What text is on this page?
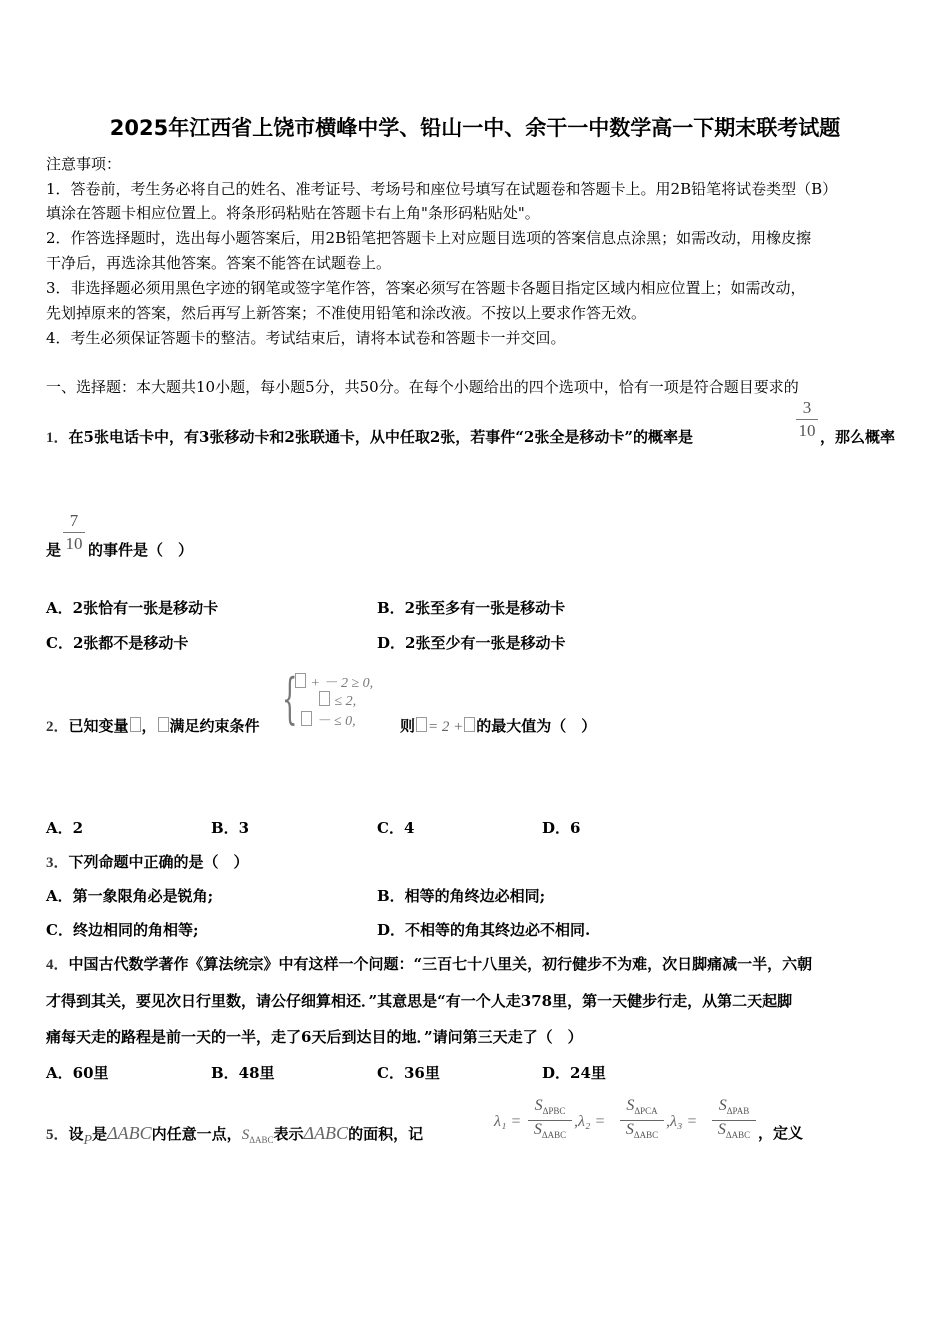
2025年江西省上饶市横峰中学、铅山一中、余干一中数学高一下期末联考试题
注意事项：
1．答卷前，考生务必将自己的姓名、准考证号、考场号和座位号填写在试题卷和答题卡上。用2B铅笔将试卷类型（B）
填涂在答题卡相应位置上。将条形码粘贴在答题卡右上角"条形码粘贴处"。
2．作答选择题时，选出每小题答案后，用2B铅笔把答题卡上对应题目选项的答案信息点涂黑；如需改动，用橡皮擦
干净后，再选涂其他答案。答案不能答在试题卷上。
3．非选择题必须用黑色字迹的钢笔或签字笔作答，答案必须写在答题卡各题目指定区域内相应位置上；如需改动，
先划掉原来的答案，然后再写上新答案；不准使用铅笔和涂改液。不按以上要求作答无效。
4．考生必须保证答题卡的整洁。考试结束后，请将本试卷和答题卡一并交回。
一、选择题：本大题共10小题，每小题5分，共50分。在每个小题给出的四个选项中，恰有一项是符合题目要求的
1．在5张电话卡中，有3张移动卡和2张联通卡，从中任取2张，若事件“2张全是移动卡”的概率是
3
10 ，那么概率
是
7
10 的事件是（　）
A．2张恰有一张是移动卡	B．2张至多有一张是移动卡
C．2张都不是移动卡	D．2张至少有一张是移动卡
2．已知变量 ， 满足约束条件 { + － 2 ≥ 0,
≤ 2,
－ ≤ 0,	则 = 2 + 的最大值为（　）
A．2	B．3	C．4	D．6
3．下列命题中正确的是（　）
A．第一象限角必是锐角;	B．相等的角终边必相同;
C．终边相同的角相等;	D．不相等的角其终边必不相同.
4．中国古代数学著作《算法统宗》中有这样一个问题：“三百七十八里关，初行健步不为难，次日脚痛减一半，六朝
才得到其关，要见次日行里数，请公仔细算相还．”其意思是“有一个人走378里，第一天健步行走，从第二天起脚
痛每天走的路程是前一天的一半，走了6天后到达目的地．”请问第三天走了（　）
A．60里	B．48里	C．36里	D．24里
5．设P是ΔABC内任意一点，$S_{\Delta ABC}$表示ΔABC的面积，记
λ₁ =
$S_{\Delta PBC}$
$S_{\Delta ABC}$
,λ₂ =
$S_{\Delta PCA}$
$S_{\Delta ABC}$
,λ₃ =
$S_{\Delta PAB}$
$S_{\Delta ABC}$ ，定义
